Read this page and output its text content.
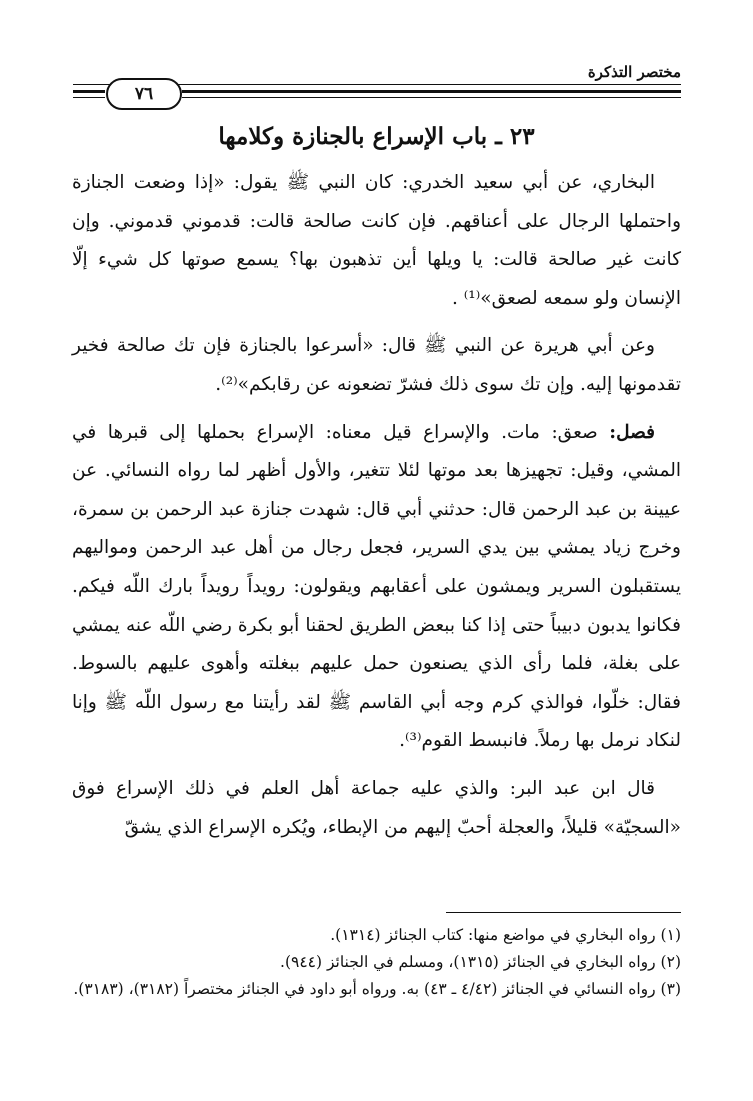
مختصر التذكرة
٧٦
٢٣ ـ باب الإسراع بالجنازة وكلامها

البخاري، عن أبي سعيد الخدري: كان النبي ﷺ يقول: «إذا وضعت الجنازة واحتملها الرجال على أعناقهم. فإن كانت صالحة قالت: قدموني قدموني. وإن كانت غير صالحة قالت: يا ويلها أين تذهبون بها؟ يسمع صوتها كل شيء إلّا الإنسان ولو سمعه لصعق»⁽¹⁾ .

وعن أبي هريرة عن النبي ﷺ قال: «أسرعوا بالجنازة فإن تك صالحة فخير تقدمونها إليه. وإن تك سوى ذلك فشرّ تضعونه عن رقابكم»⁽²⁾.

فصل: صعق: مات. والإسراع قيل معناه: الإسراع بحملها إلى قبرها في المشي، وقيل: تجهيزها بعد موتها لئلا تتغير، والأول أظهر لما رواه النسائي. عن عيينة بن عبد الرحمن قال: حدثني أبي قال: شهدت جنازة عبد الرحمن بن سمرة، وخرج زياد يمشي بين يدي السرير، فجعل رجال من أهل عبد الرحمن ومواليهم يستقبلون السرير ويمشون على أعقابهم ويقولون: رويداً رويداً بارك اللّه فيكم. فكانوا يدبون دبيباً حتى إذا كنا ببعض الطريق لحقنا أبو بكرة رضي اللّه عنه يمشي على بغلة، فلما رأى الذي يصنعون حمل عليهم ببغلته وأهوى عليهم بالسوط. فقال: خلّوا، فوالذي كرم وجه أبي القاسم ﷺ لقد رأيتنا مع رسول اللّه ﷺ وإنا لنكاد نرمل بها رملاً. فانبسط القوم⁽³⁾.

قال ابن عبد البر: والذي عليه جماعة أهل العلم في ذلك الإسراع فوق «السجيّة» قليلاً، والعجلة أحبّ إليهم من الإبطاء، ويُكره الإسراع الذي يشقّ

(١) رواه البخاري في مواضع منها: كتاب الجنائز (١٣١٤).
(٢) رواه البخاري في الجنائز (١٣١٥)، ومسلم في الجنائز (٩٤٤).
(٣) رواه النسائي في الجنائز (٤/٤٢ ـ ٤٣) به. ورواه أبو داود في الجنائز مختصراً (٣١٨٢)، (٣١٨٣).
